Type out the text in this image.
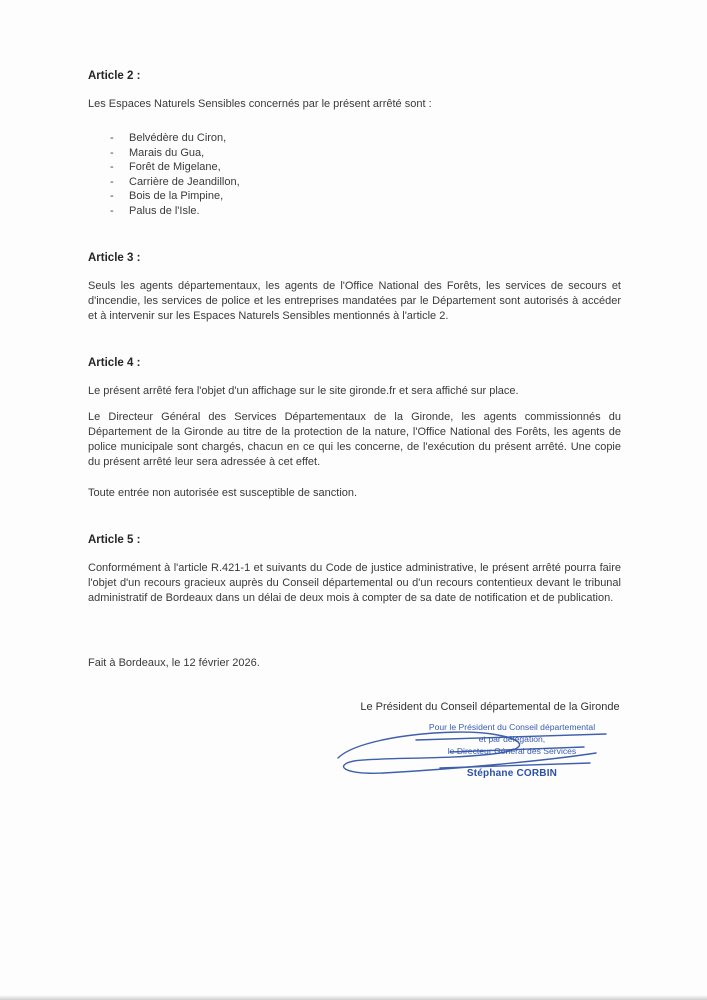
Article 2 :

Les Espaces Naturels Sensibles concernés par le présent arrêté sont :

-	Belvédère du Ciron,
-	Marais du Gua,
-	Forêt de Migelane,
-	Carrière de Jeandillon,
-	Bois de la Pimpine,
-	Palus de l'Isle.
Article 3 :

Seuls les agents départementaux, les agents de l'Office National des Forêts, les services de secours et d'incendie, les services de police et les entreprises mandatées par le Département sont autorisés à accéder et à intervenir sur les Espaces Naturels Sensibles mentionnés à l'article 2.

Article 4 :

Le présent arrêté fera l'objet d'un affichage sur le site gironde.fr et sera affiché sur place.

Le Directeur Général des Services Départementaux de la Gironde, les agents commissionnés du Département de la Gironde au titre de la protection de la nature, l'Office National des Forêts, les agents de police municipale sont chargés, chacun en ce qui les concerne, de l'exécution du présent arrêté. Une copie du présent arrêté leur sera adressée à cet effet.

Toute entrée non autorisée est susceptible de sanction.

Article 5 :

Conformément à l'article R.421-1 et suivants du Code de justice administrative, le présent arrêté pourra faire l'objet d'un recours gracieux auprès du Conseil départemental ou d'un recours contentieux devant le tribunal administratif de Bordeaux dans un délai de deux mois à compter de sa date de notification et de publication.

Fait à Bordeaux, le 12 février 2026.

Le Président du Conseil départemental de la Gironde
Pour le Président du Conseil départemental
et par délégation,
le Directeur Général des Services
Stéphane CORBIN
